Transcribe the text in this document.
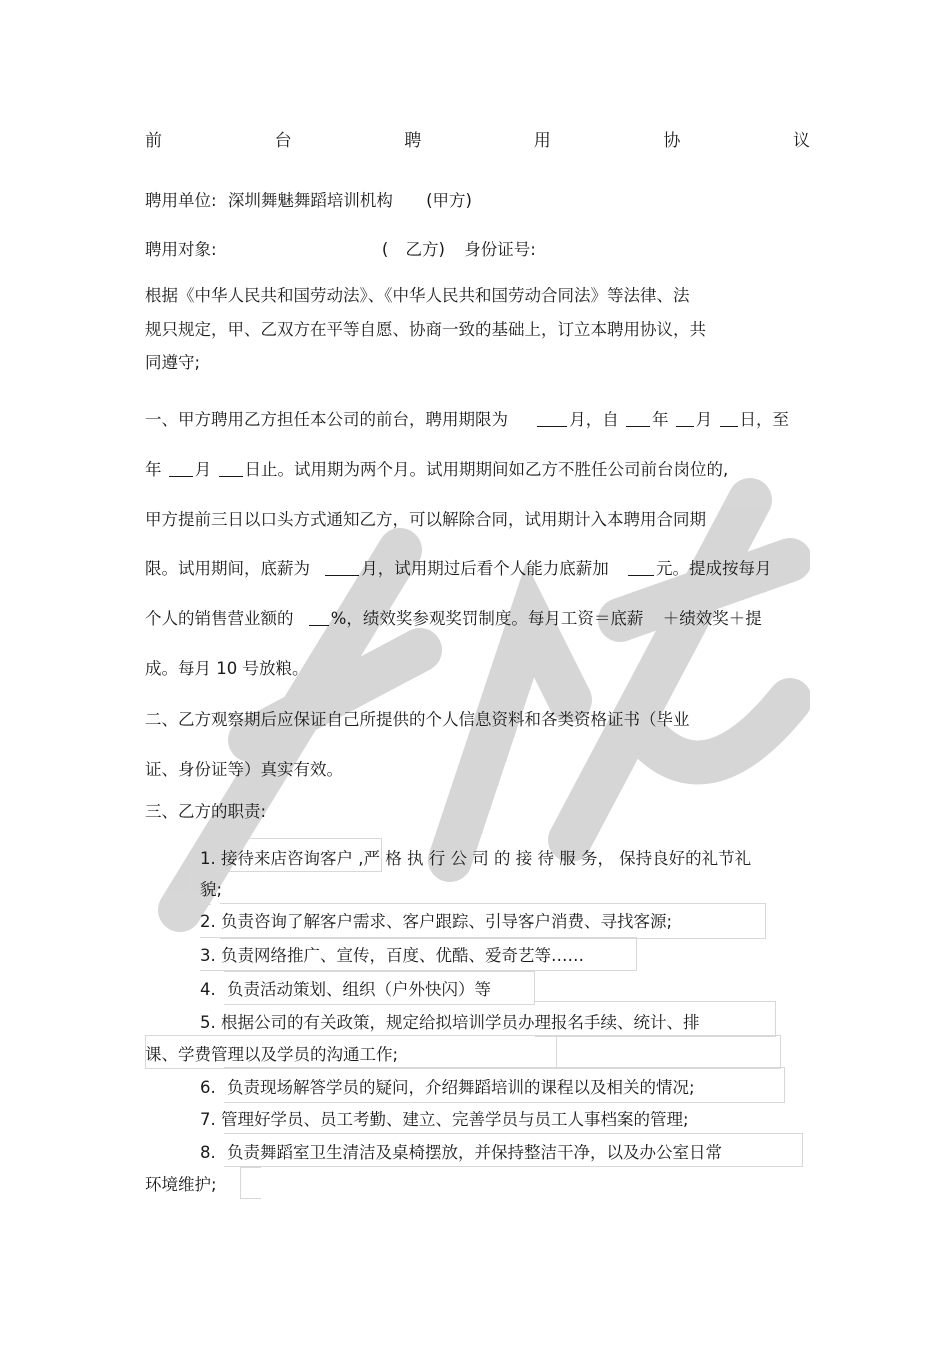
前	台	聘	用	协	议
聘用单位: 深圳舞魅舞蹈培训机构 (甲方)
聘用对象:	( 乙方) 身份证号:
根据《中华人民共和国劳动法》、《中华人民共和国劳动合同法》等法律、法
规只规定，甲、乙双方在平等自愿、协商一致的基础上，订立本聘用协议，共
同遵守;
一、甲方聘用乙方担任本公司的前台，聘用期限为	月，自 年 月 日，至
年 月 日止。试用期为两个月。试用期期间如乙方不胜任公司前台岗位的,
甲方提前三日以口头方式通知乙方，可以解除合同，试用期计入本聘用合同期
限。试用期间，底薪为	月，试用期过后看个人能力底薪加	元。提成按每月
个人的销售营业额的 %，绩效奖参观奖罚制度。每月工资＝底薪 ＋绩效奖＋提
成。每月 10 号放粮。
二、乙方观察期后应保证自己所提供的个人信息资料和各类资格证书（毕业
证、身份证等）真实有效。
三、乙方的职责:
1. 接待来店咨询客户 ,严 格 执 行 公 司 的 接 待 服 务， 保持良好的礼节礼
貌;
2. 负责咨询了解客户需求、客户跟踪、引导客户消费、寻找客源;
3. 负责网络推广、宣传，百度、优酷、爱奇艺等……
4. 负责活动策划、组织（户外快闪）等
5. 根据公司的有关政策，规定给拟培训学员办理报名手续、统计、排
课、学费管理以及学员的沟通工作;
6. 负责现场解答学员的疑问，介绍舞蹈培训的课程以及相关的情况;
7. 管理好学员、员工考勤、建立、完善学员与员工人事档案的管理;
8. 负责舞蹈室卫生清洁及桌椅摆放，并保持整洁干净，以及办公室日常
环境维护;
